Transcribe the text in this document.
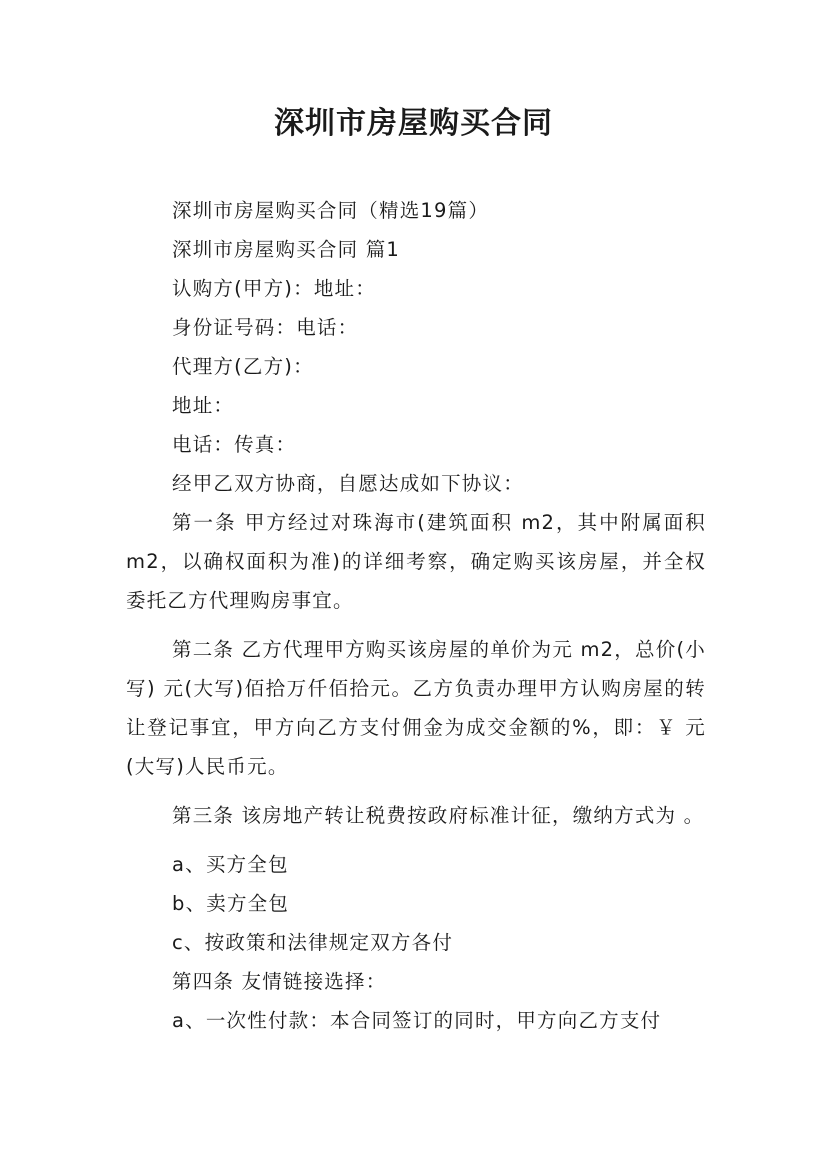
深圳市房屋购买合同

深圳市房屋购买合同（精选19篇）

深圳市房屋购买合同 篇1

认购方(甲方)：地址：

身份证号码：电话：

代理方(乙方)：

地址：

电话：传真：

经甲乙双方协商，自愿达成如下协议：

第一条 甲方经过对珠海市(建筑面积 m2，其中附属面积m2，以确权面积为准)的详细考察，确定购买该房屋，并全权委托乙方代理购房事宜。

第二条 乙方代理甲方购买该房屋的单价为元 m2，总价(小写) 元(大写)佰拾万仟佰拾元。乙方负责办理甲方认购房屋的转让登记事宜，甲方向乙方支付佣金为成交金额的%，即：￥ 元(大写)人民币元。

第三条 该房地产转让税费按政府标准计征，缴纳方式为 。

a、买方全包

b、卖方全包

c、按政策和法律规定双方各付

第四条 友情链接选择：

a、一次性付款：本合同签订的同时，甲方向乙方支付
